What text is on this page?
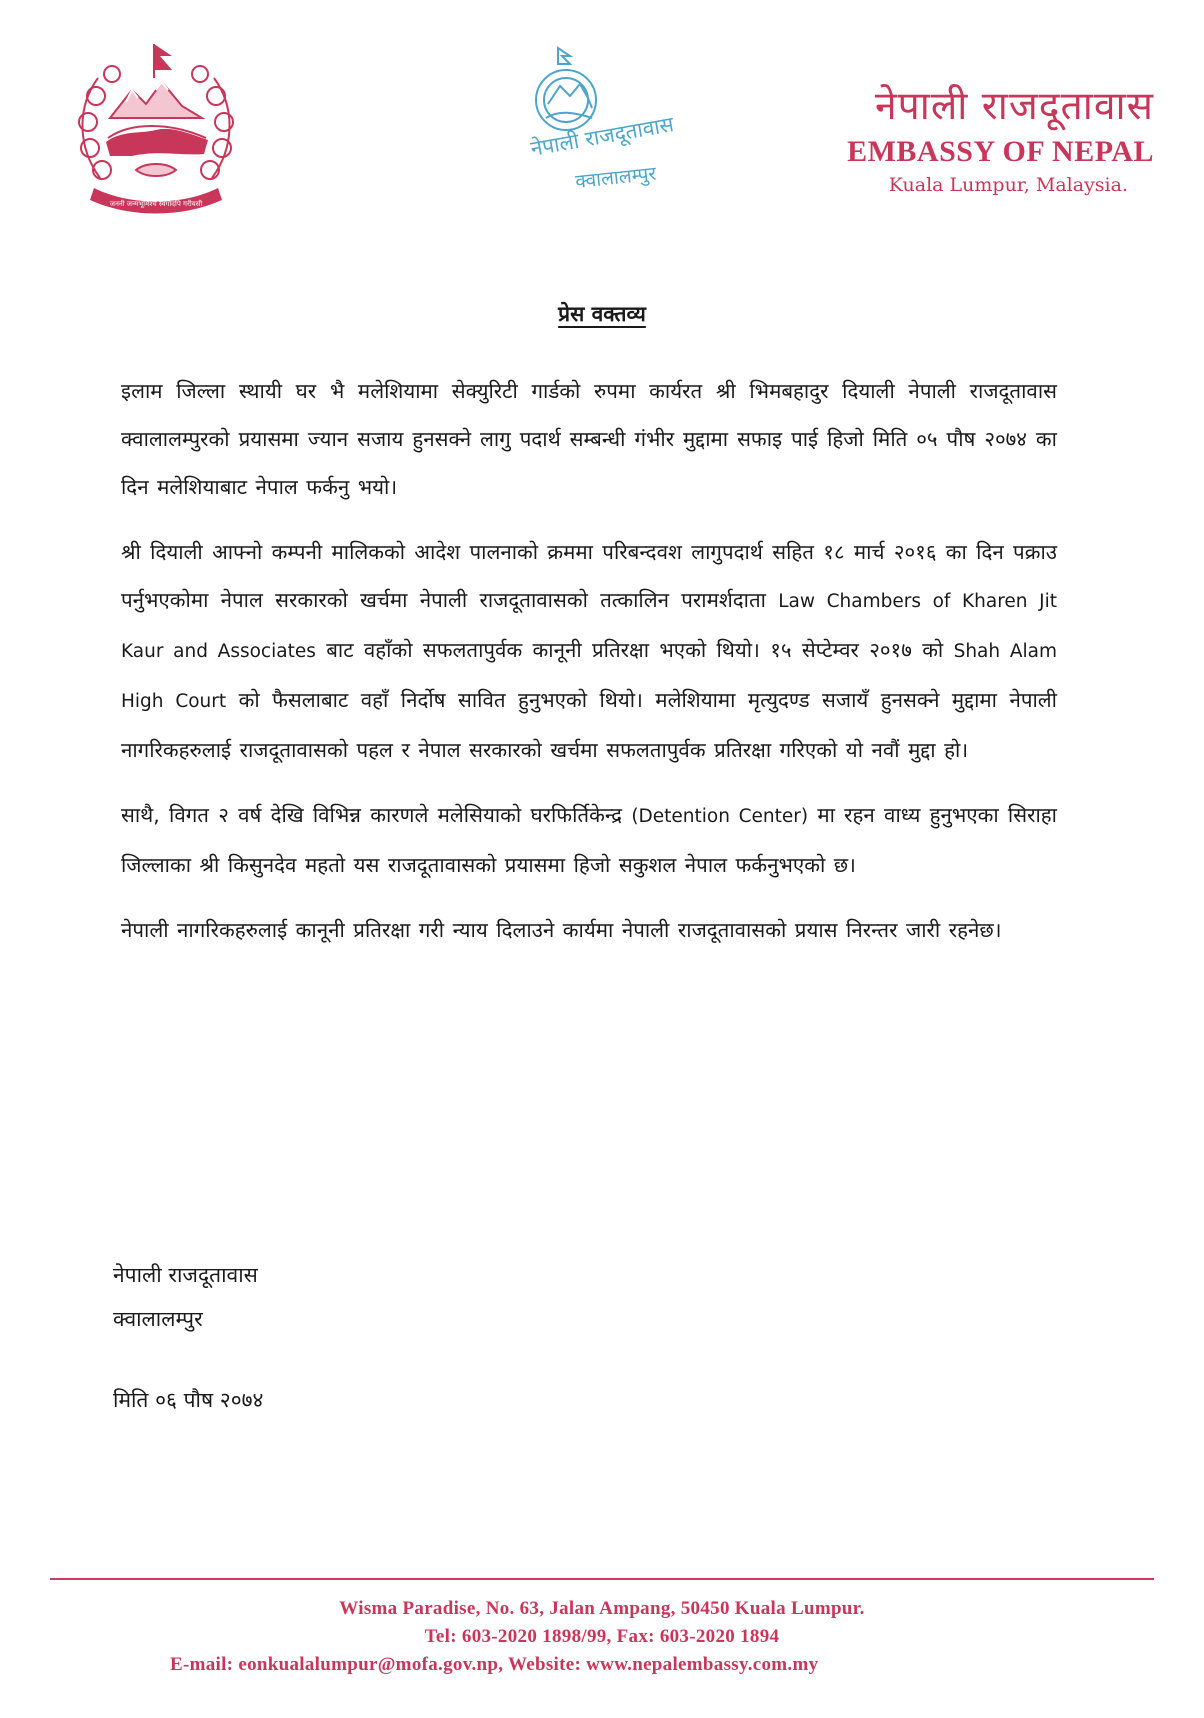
जननी जन्मभूमिश्च स्वर्गादपि गरीयसी
नेपाली राजदूतावास
क्वालालम्पुर
नेपाली राजदूतावास
EMBASSY OF NEPAL
Kuala Lumpur, Malaysia.
प्रेस वक्तव्य

इलाम जिल्ला स्थायी घर भै मलेशियामा सेक्युरिटी गार्डको रुपमा कार्यरत श्री भिमबहादुर दियाली नेपाली राजदूतावास क्वालालम्पुरको प्रयासमा ज्यान सजाय हुनसक्ने लागु पदार्थ सम्बन्धी गंभीर मुद्दामा सफाइ पाई हिजो मिति ०५ पौष २०७४ का दिन मलेशियाबाट नेपाल फर्कनु भयो।

श्री दियाली आफ्नो कम्पनी मालिकको आदेश पालनाको क्रममा परिबन्दवश लागुपदार्थ सहित १८ मार्च २०१६ का दिन पक्राउ पर्नुभएकोमा नेपाल सरकारको खर्चमा नेपाली राजदूतावासको तत्कालिन परामर्शदाता Law Chambers of Kharen Jit Kaur and Associates बाट वहाँको सफलतापुर्वक कानूनी प्रतिरक्षा भएको थियो। १५ सेप्टेम्वर २०१७ को Shah Alam High Court को फैसलाबाट वहाँ निर्दोष सावित हुनुभएको थियो। मलेशियामा मृत्युदण्ड सजायँ हुनसक्ने मुद्दामा नेपाली नागरिकहरुलाई राजदूतावासको पहल र नेपाल सरकारको खर्चमा सफलतापुर्वक प्रतिरक्षा गरिएको यो नवौं मुद्दा हो।

साथै, विगत २ वर्ष देखि विभिन्न कारणले मलेसियाको घरफिर्तिकेन्द्र (Detention Center) मा रहन वाध्य हुनुभएका सिराहा जिल्लाका श्री किसुनदेव महतो यस राजदूतावासको प्रयासमा हिजो सकुशल नेपाल फर्कनुभएको छ।

नेपाली नागरिकहरुलाई कानूनी प्रतिरक्षा गरी न्याय दिलाउने कार्यमा नेपाली राजदूतावासको प्रयास निरन्तर जारी रहनेछ।

नेपाली राजदूतावास
क्वालालम्पुर
मिति ०६ पौष २०७४
Wisma Paradise, No. 63, Jalan Ampang, 50450 Kuala Lumpur.
Tel: 603-2020 1898/99, Fax: 603-2020 1894
E-mail: eonkualalumpur@mofa.gov.np, Website: www.nepalembassy.com.my
